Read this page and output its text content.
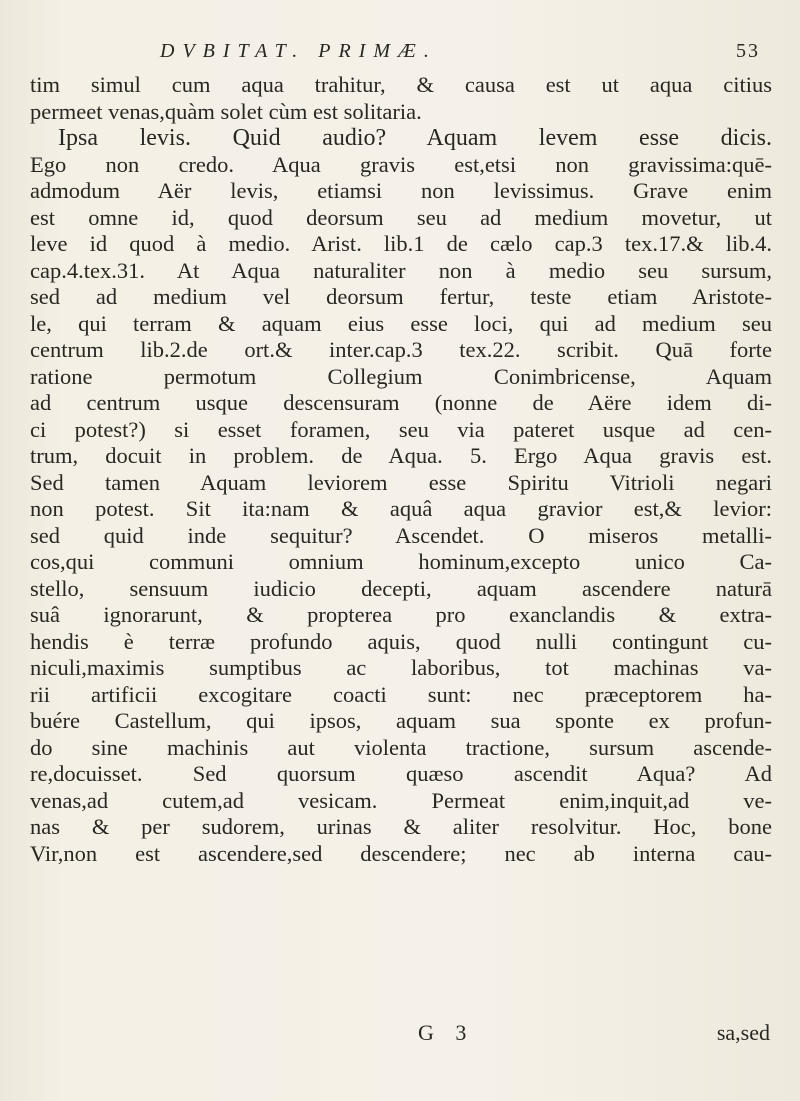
DVBITAT. PRIMÆ.	53
tim simul cum aqua trahitur, & causa est ut aqua citius
permeet venas,quàm solet cùm est solitaria.
Ipsa levis. Quid audio? Aquam levem esse dicis.
Ego non credo. Aqua gravis est,etsi non gravissima:quē-
admodum Aër levis, etiamsi non levissimus. Grave enim
est omne id, quod deorsum seu ad medium movetur, ut
leve id quod à medio. Arist. lib.1 de cælo cap.3 tex.17.& lib.4.
cap.4.tex.31. At Aqua naturaliter non à medio seu sursum,
sed ad medium vel deorsum fertur, teste etiam Aristote-
le, qui terram & aquam eius esse loci, qui ad medium seu
centrum lib.2.de ort.& inter.cap.3 tex.22. scribit. Quā forte
ratione permotum Collegium Conimbricense, Aquam
ad centrum usque descensuram (nonne de Aëre idem di-
ci potest?) si esset foramen, seu via pateret usque ad cen-
trum, docuit in problem. de Aqua. 5. Ergo Aqua gravis est.
Sed tamen Aquam leviorem esse Spiritu Vitrioli negari
non potest. Sit ita:nam & aquâ aqua gravior est,& levior:
sed quid inde sequitur? Ascendet. O miseros metalli-
cos,qui communi omnium hominum,excepto unico Ca-
stello, sensuum iudicio decepti, aquam ascendere naturā
suâ ignorarunt, & propterea pro exanclandis & extra-
hendis è terræ profundo aquis, quod nulli contingunt cu-
niculi,maximis sumptibus ac laboribus, tot machinas va-
rii artificii excogitare coacti sunt: nec præceptorem ha-
buére Castellum, qui ipsos, aquam sua sponte ex profun-
do sine machinis aut violenta tractione, sursum ascende-
re,docuisset. Sed quorsum quæso ascendit Aqua? Ad
venas,ad cutem,ad vesicam. Permeat enim,inquit,ad ve-
nas & per sudorem, urinas & aliter resolvitur. Hoc, bone
Vir,non est ascendere,sed descendere; nec ab interna cau-
G 3	sa,sed
